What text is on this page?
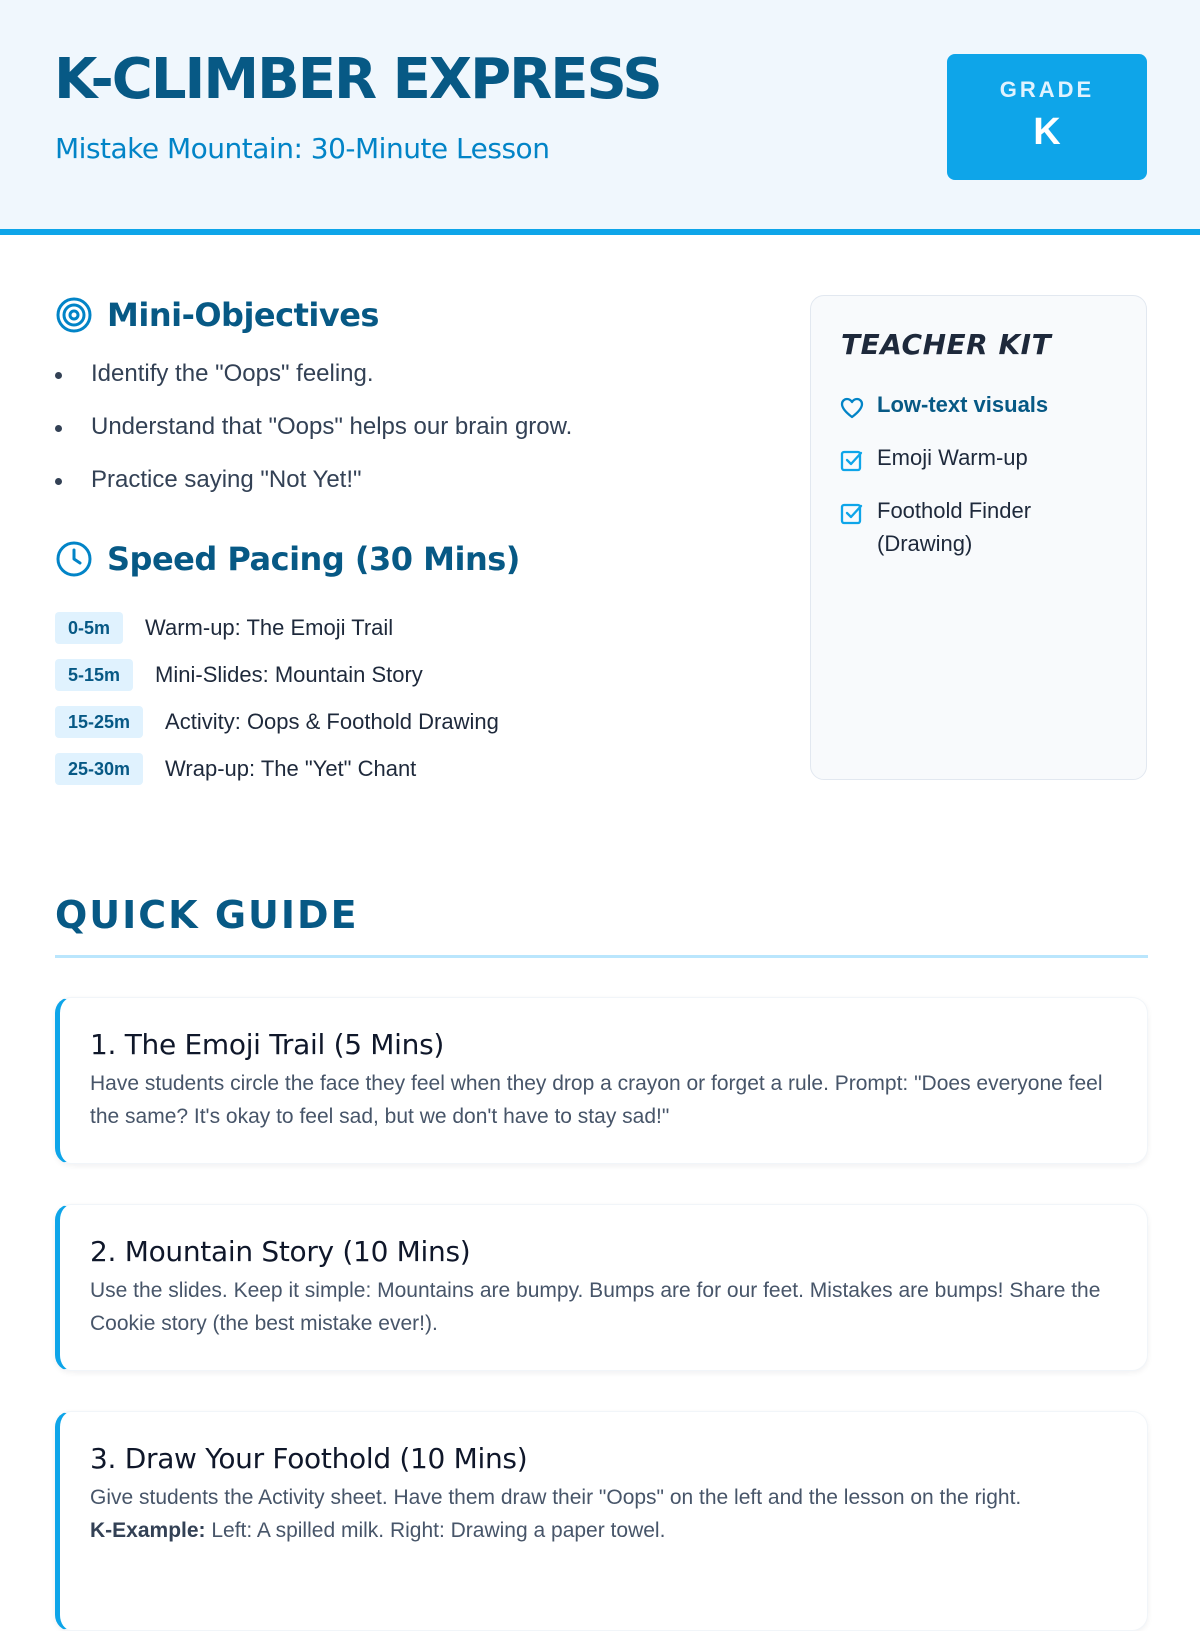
K-CLIMBER EXPRESS
Mistake Mountain: 30-Minute Lesson
GRADE
K
Mini-Objectives
Identify the "Oops" feeling.
Understand that "Oops" helps our brain grow.
Practice saying "Not Yet!"
Speed Pacing (30 Mins)
0-5m	Warm-up: The Emoji Trail
5-15m	Mini-Slides: Mountain Story
15-25m	Activity: Oops & Foothold Drawing
25-30m	Wrap-up: The "Yet" Chant
TEACHER KIT
Low-text visuals
Emoji Warm-up
Foothold Finder (Drawing)
QUICK GUIDE
1. The Emoji Trail (5 Mins)
Have students circle the face they feel when they drop a crayon or forget a rule. Prompt: "Does everyone feel the same? It's okay to feel sad, but we don't have to stay sad!"
2. Mountain Story (10 Mins)
Use the slides. Keep it simple: Mountains are bumpy. Bumps are for our feet. Mistakes are bumps! Share the Cookie story (the best mistake ever!).
3. Draw Your Foothold (10 Mins)
Give students the Activity sheet. Have them draw their "Oops" on the left and the lesson on the right.
K-Example: Left: A spilled milk. Right: Drawing a paper towel.
